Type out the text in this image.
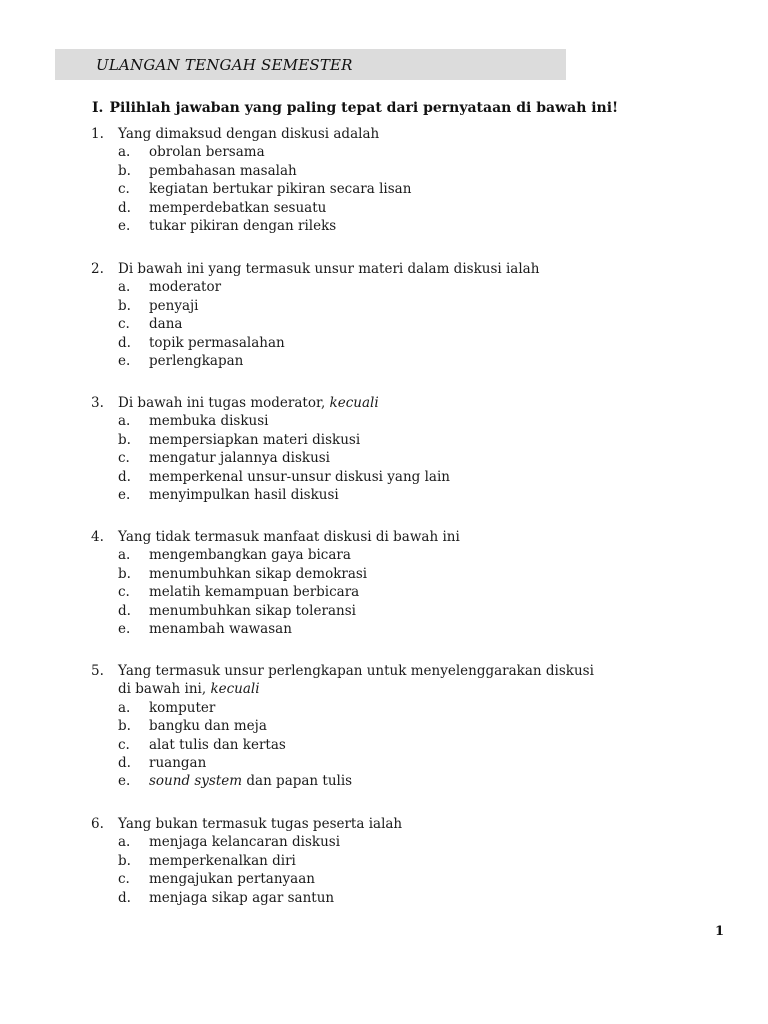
ULANGAN TENGAH SEMESTER
I. Pilihlah jawaban yang paling tepat dari pernyataan di bawah ini!
1. Yang dimaksud dengan diskusi adalah
a. obrolan bersama
b. pembahasan masalah
c. kegiatan bertukar pikiran secara lisan
d. memperdebatkan sesuatu
e. tukar pikiran dengan rileks
2. Di bawah ini yang termasuk unsur materi dalam diskusi ialah
a. moderator
b. penyaji
c. dana
d. topik permasalahan
e. perlengkapan
3. Di bawah ini tugas moderator, kecuali
a. membuka diskusi
b. mempersiapkan materi diskusi
c. mengatur jalannya diskusi
d. memperkenal unsur-unsur diskusi yang lain
e. menyimpulkan hasil diskusi
4. Yang tidak termasuk manfaat diskusi di bawah ini
a. mengembangkan gaya bicara
b. menumbuhkan sikap demokrasi
c. melatih kemampuan berbicara
d. menumbuhkan sikap toleransi
e. menambah wawasan
5. Yang termasuk unsur perlengkapan untuk menyelenggarakan diskusi
di bawah ini, kecuali
a. komputer
b. bangku dan meja
c. alat tulis dan kertas
d. ruangan
e. sound system dan papan tulis
6. Yang bukan termasuk tugas peserta ialah
a. menjaga kelancaran diskusi
b. memperkenalkan diri
c. mengajukan pertanyaan
d. menjaga sikap agar santun
1
